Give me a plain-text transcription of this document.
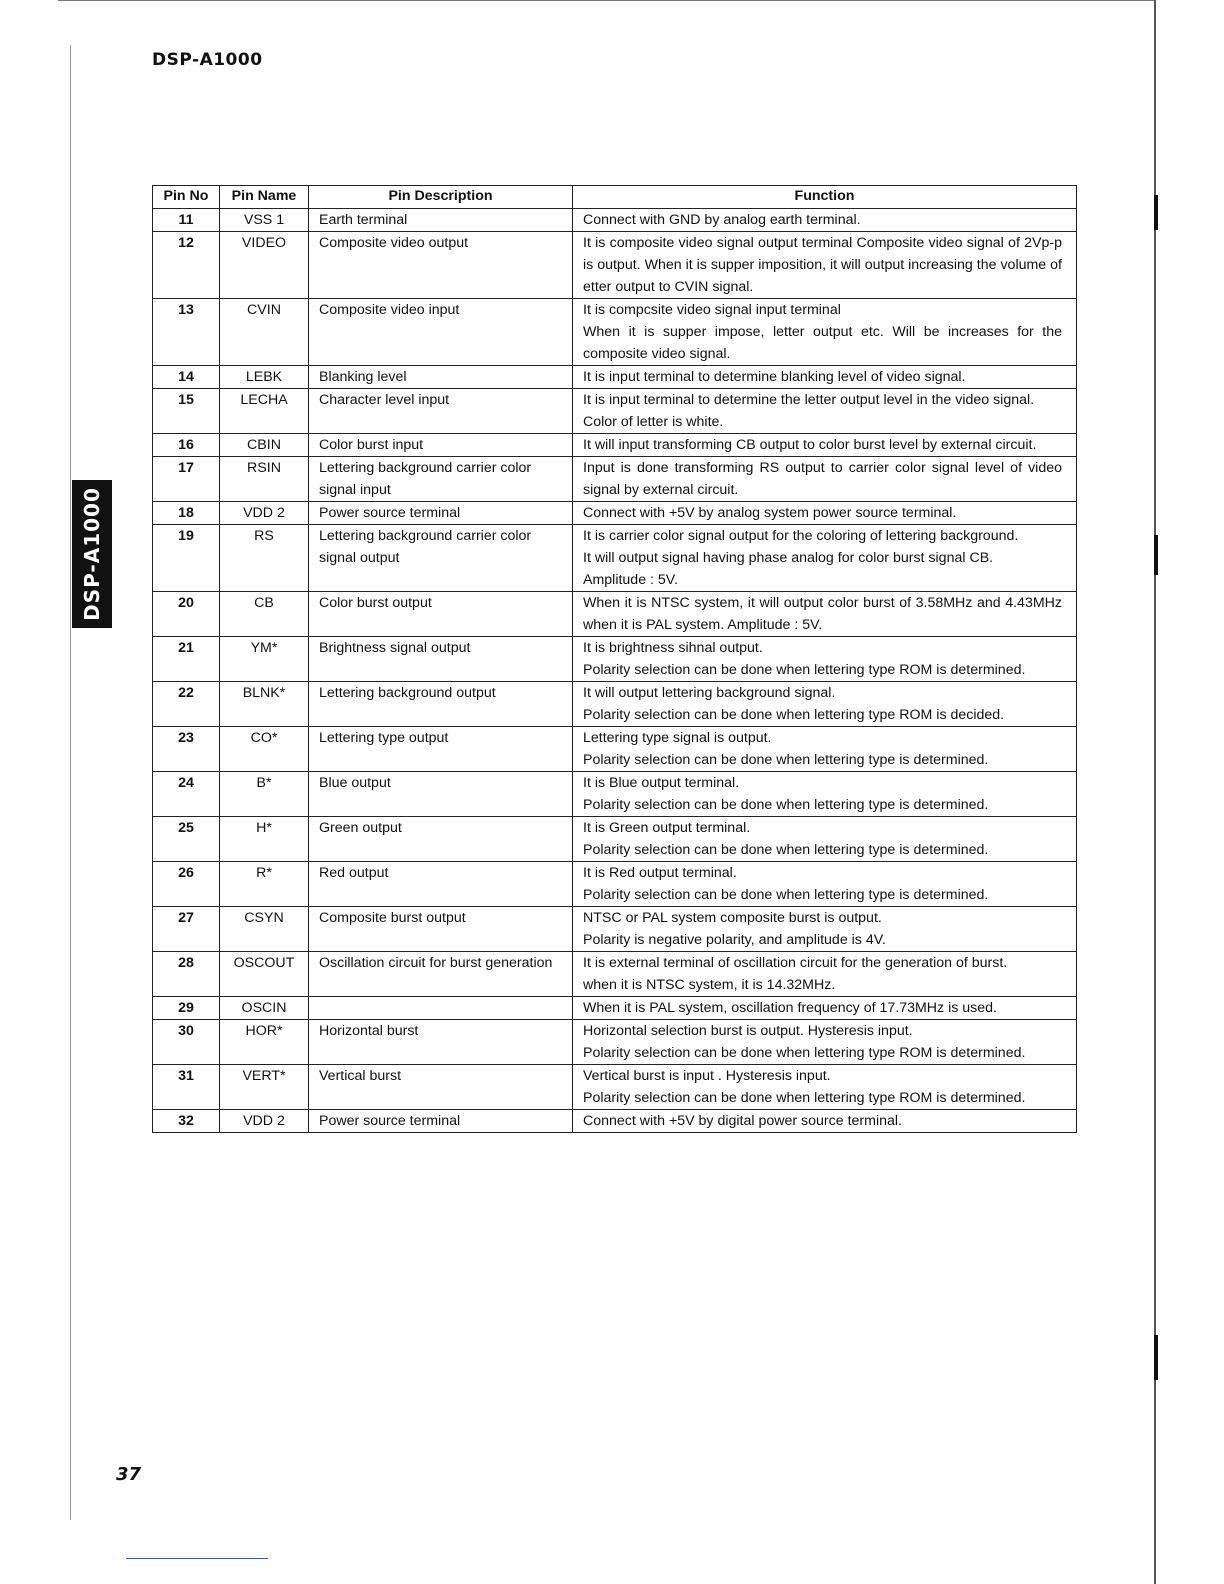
DSP-A1000
DSP-A1000
Pin No	Pin Name	Pin Description	Function
11	VSS 1	Earth terminal	Connect with GND by analog earth terminal.

12	VIDEO	Composite video output	It is composite video signal output terminal Composite video signal of 2Vp-p is output. When it is supper imposition, it will output increasing the volume of etter output to CVIN signal.

13	CVIN	Composite video input	It is compcsite video signal input terminal
When it is supper impose, letter output etc. Will be increases for the composite video signal.

14	LEBK	Blanking level	It is input terminal to determine blanking level of video signal.

15	LECHA	Character level input	It is input terminal to determine the letter output level in the video signal.
Color of letter is white.

16	CBIN	Color burst input	It will input transforming CB output to color burst level by external circuit.

17	RSIN	Lettering background carrier color signal input	Input is done transforming RS output to carrier color signal level of video signal by external circuit.

18	VDD 2	Power source terminal	Connect with +5V by analog system power source terminal.

19	RS	Lettering background carrier color signal output	It is carrier color signal output for the coloring of lettering background.
It will output signal having phase analog for color burst signal CB.
Amplitude : 5V.

20	CB	Color burst output	When it is NTSC system, it will output color burst of 3.58MHz and 4.43MHz when it is PAL system. Amplitude : 5V.

21	YM*	Brightness signal output	It is brightness sihnal output.
Polarity selection can be done when lettering type ROM is determined.

22	BLNK*	Lettering background output	It will output lettering background signal.
Polarity selection can be done when lettering type ROM is decided.

23	CO*	Lettering type output	Lettering type signal is output.
Polarity selection can be done when lettering type is determined.

24	B*	Blue output	It is Blue output terminal.
Polarity selection can be done when lettering type is determined.

25	H*	Green output	It is Green output terminal.
Polarity selection can be done when lettering type is determined.

26	R*	Red output	It is Red output terminal.
Polarity selection can be done when lettering type is determined.

27	CSYN	Composite burst output	NTSC or PAL system composite burst is output.
Polarity is negative polarity, and amplitude is 4V.

28	OSCOUT	Oscillation circuit for burst generation	It is external terminal of oscillation circuit for the generation of burst.
when it is NTSC system, it is 14.32MHz.

29	OSCIN		When it is PAL system, oscillation frequency of 17.73MHz is used.

30	HOR*	Horizontal burst	Horizontal selection burst is output. Hysteresis input.
Polarity selection can be done when lettering type ROM is determined.

31	VERT*	Vertical burst	Vertical burst is input . Hysteresis input.
Polarity selection can be done when lettering type ROM is determined.

32	VDD 2	Power source terminal	Connect with +5V by digital power source terminal.
37
